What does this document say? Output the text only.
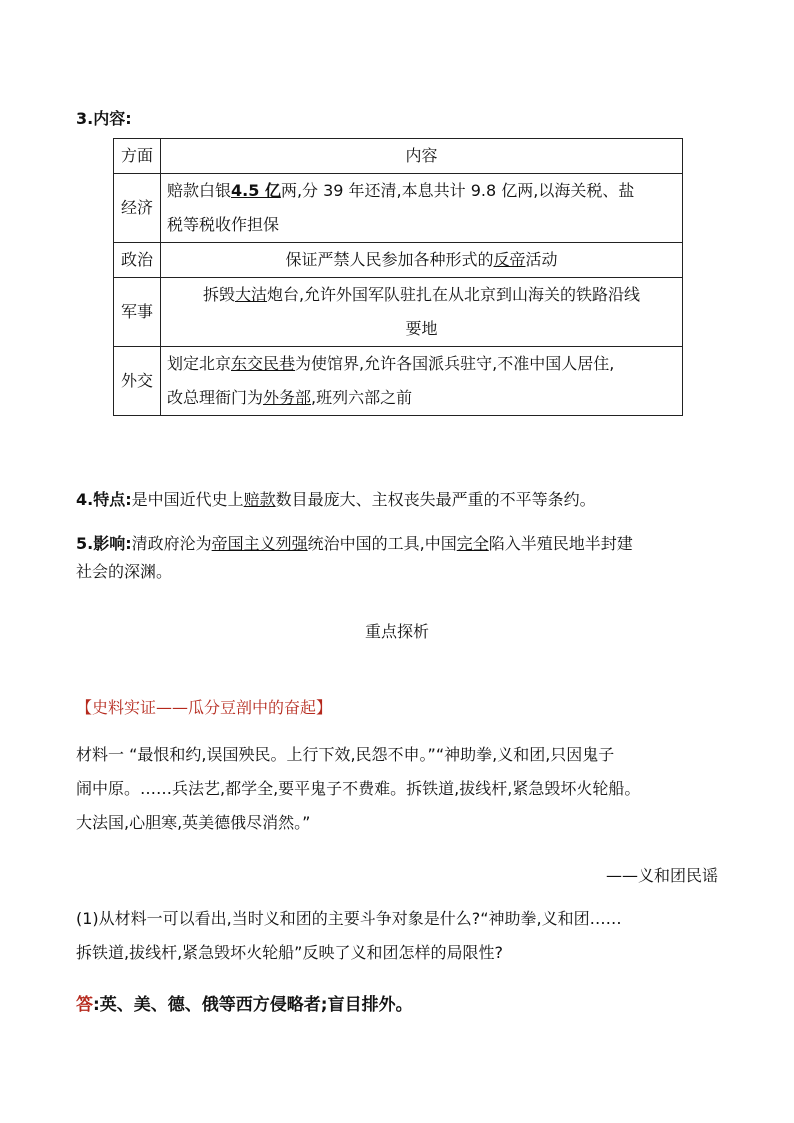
3.内容:
方面	内容
经济	赔款白银4.5 亿两,分 39 年还清,本息共计 9.8 亿两,以海关税、盐
税等税收作担保
政治	保证严禁人民参加各种形式的反帝活动
军事	拆毁大沽炮台,允许外国军队驻扎在从北京到山海关的铁路沿线
要地
外交	划定北京东交民巷为使馆界,允许各国派兵驻守,不准中国人居住,
改总理衙门为外务部,班列六部之前
4.特点:是中国近代史上赔款数目最庞大、主权丧失最严重的不平等条约。
5.影响:清政府沦为帝国主义列强统治中国的工具,中国完全陷入半殖民地半封建
社会的深渊。
重点探析
【史料实证——瓜分豆剖中的奋起】
材料一 “最恨和约,误国殃民。上行下效,民怨不申。”“神助拳,义和团,只因鬼子
闹中原。……兵法艺,都学全,要平鬼子不费难。拆铁道,拔线杆,紧急毁坏火轮船。
大法国,心胆寒,英美德俄尽消然。”
——义和团民谣
(1)从材料一可以看出,当时义和团的主要斗争对象是什么?“神助拳,义和团……
拆铁道,拔线杆,紧急毁坏火轮船”反映了义和团怎样的局限性?
答:英、美、德、俄等西方侵略者;盲目排外。
